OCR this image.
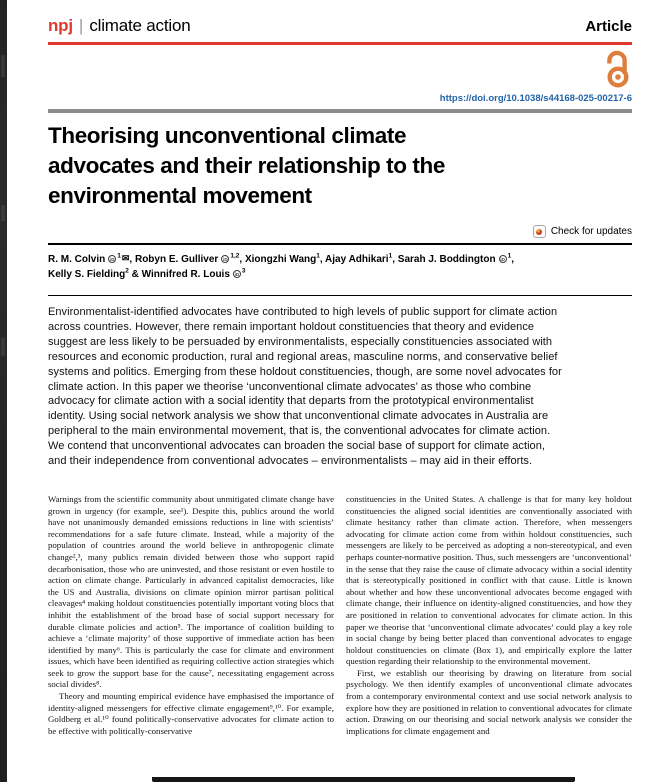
npj | climate action	Article
https://doi.org/10.1038/s44168-025-00217-6
Theorising unconventional climate advocates and their relationship to the environmental movement
Check for updates
R. M. Colvin iD $^1$✉, Robyn E. Gulliver iD $^{1,2}$, Xiongzhi Wang$^1$, Ajay Adhikari$^1$, Sarah J. Boddington iD $^1$,
Kelly S. Fielding$^2$ & Winnifred R. Louis iD $^3$

Environmentalist-identified advocates have contributed to high levels of public support for climate action across countries. However, there remain important holdout constituencies that theory and evidence suggest are less likely to be persuaded by environmentalists, especially constituencies associated with resources and economic production, rural and regional areas, masculine norms, and conservative belief systems and politics. Emerging from these holdout constituencies, though, are some novel advocates for climate action. In this paper we theorise ‘unconventional climate advocates’ as those who combine advocacy for climate action with a social identity that departs from the prototypical environmentalist identity. Using social network analysis we show that unconventional climate advocates in Australia are peripheral to the main environmental movement, that is, the conventional advocates for climate action. We contend that unconventional advocates can broaden the social base of support for climate action, and their independence from conventional advocates – environmentalists – may aid in their efforts.

Warnings from the scientific community about unmitigated climate change have grown in urgency (for example, see¹). Despite this, publics around the world have not unanimously demanded emissions reductions in line with scientists’ recommendations for a safe future climate. Instead, while a majority of the population of countries around the world believe in anthropogenic climate change²,³, many publics remain divided between those who support rapid decarbonisation, those who are uninvested, and those resistant or even hostile to action on climate change. Particularly in advanced capitalist democracies, like the US and Australia, divisions on climate opinion mirror partisan political cleavages⁴ making holdout constituencies potentially important voting blocs that inhibit the establishment of the broad base of social support necessary for durable climate policies and action⁵. The importance of coalition building to achieve a ‘climate majority’ of those supportive of immediate action has been identified by many⁶. This is particularly the case for climate and environment issues, which have been identified as requiring collective action strategies which seek to grow the support base for the cause⁷, necessitating engagement across social divides⁸.

Theory and mounting empirical evidence have emphasised the importance of identity-aligned messengers for effective climate engagement⁹,¹⁰. For example, Goldberg et al.¹⁰ found politically-conservative advocates for climate action to be effective with politically-conservative

constituencies in the United States. A challenge is that for many key holdout constituencies the aligned social identities are conventionally associated with climate hesitancy rather than climate action. Therefore, when messengers advocating for climate action come from within holdout constituencies, such messengers are likely to be perceived as adopting a non-stereotypical, and even perhaps counter-normative position. Thus, such messengers are ‘unconventional’ in the sense that they raise the cause of climate advocacy within a social identity that is stereotypically positioned in conflict with that cause. Little is known about whether and how these unconventional advocates become engaged with climate change, their influence on identity-aligned constituencies, and how they are positioned in relation to conventional advocates for climate action. In this paper we theorise that ‘unconventional climate advocates’ could play a key role in social change by being better placed than conventional advocates to engage holdout constituencies on climate (Box 1), and empirically explore the latter question regarding their relationship to the environmental movement.

First, we establish our theorising by drawing on literature from social psychology. We then identify examples of unconventional climate advocates from a contemporary environmental context and use social network analysis to explore how they are positioned in relation to conventional advocates for climate action. Drawing on our theorising and social network analysis we consider the implications for climate engagement and
